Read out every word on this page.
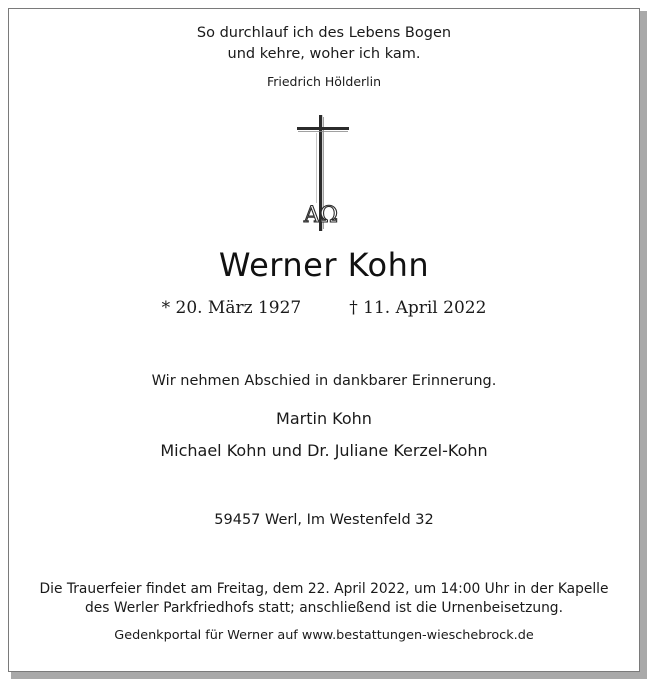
So durchlauf ich des Lebens Bogen
und kehre, woher ich kam.
Friedrich Hölderlin
Werner Kohn
* 20. März 1927	† 11. April 2022
Wir nehmen Abschied in dankbarer Erinnerung.
Martin Kohn
Michael Kohn und Dr. Juliane Kerzel-Kohn
59457 Werl, Im Westenfeld 32
Die Trauerfeier findet am Freitag, dem 22. April 2022, um 14:00 Uhr in der Kapelle
des Werler Parkfriedhofs statt; anschließend ist die Urnenbeisetzung.
Gedenkportal für Werner auf www.bestattungen-wieschebrock.de
AΩ
